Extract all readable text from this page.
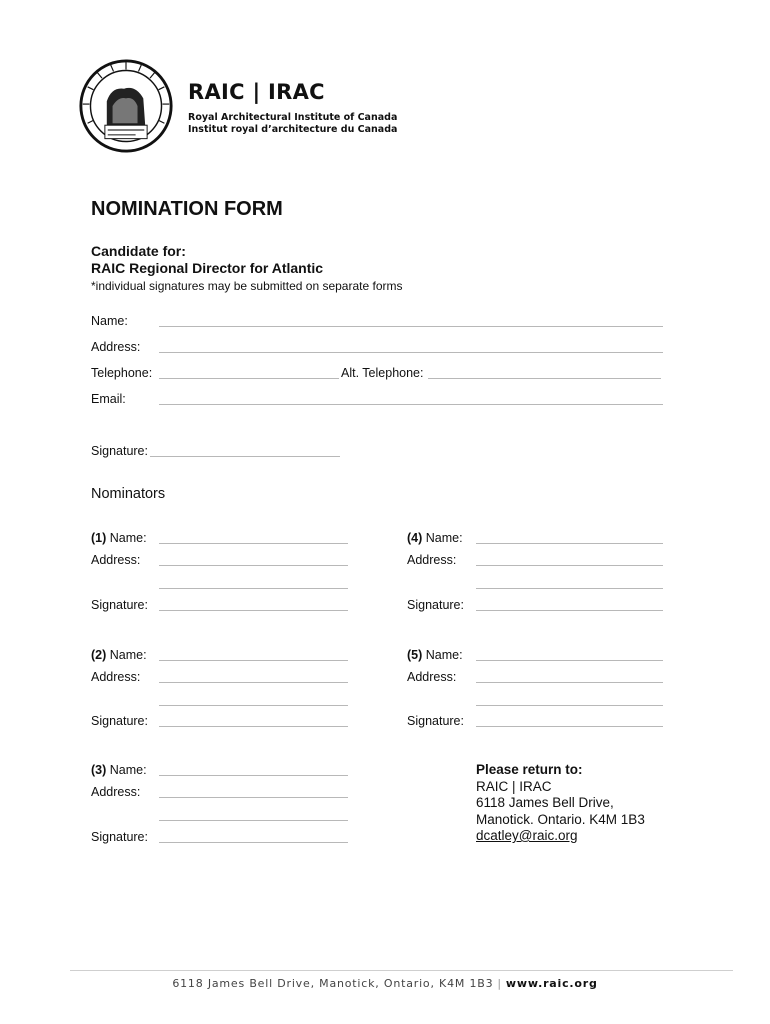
RAIC | IRAC
Royal Architectural Institute of Canada
Institut royal d’architecture du Canada
NOMINATION FORM
Candidate for:
RAIC Regional Director for Atlantic
*individual signatures may be submitted on separate forms
Name:
Address:
Telephone:	Alt. Telephone:
Email:
Signature:
Nominators
(1) Name:
Address:
Signature:
(2) Name:
Address:
Signature:
(3) Name:
Address:
Signature:
(4) Name:
Address:
Signature:
(5) Name:
Address:
Signature:
Please return to:
RAIC | IRAC
6118 James Bell Drive,
Manotick. Ontario. K4M 1B3
dcatley@raic.org
6118 James Bell Drive, Manotick, Ontario, K4M 1B3 | www.raic.org
